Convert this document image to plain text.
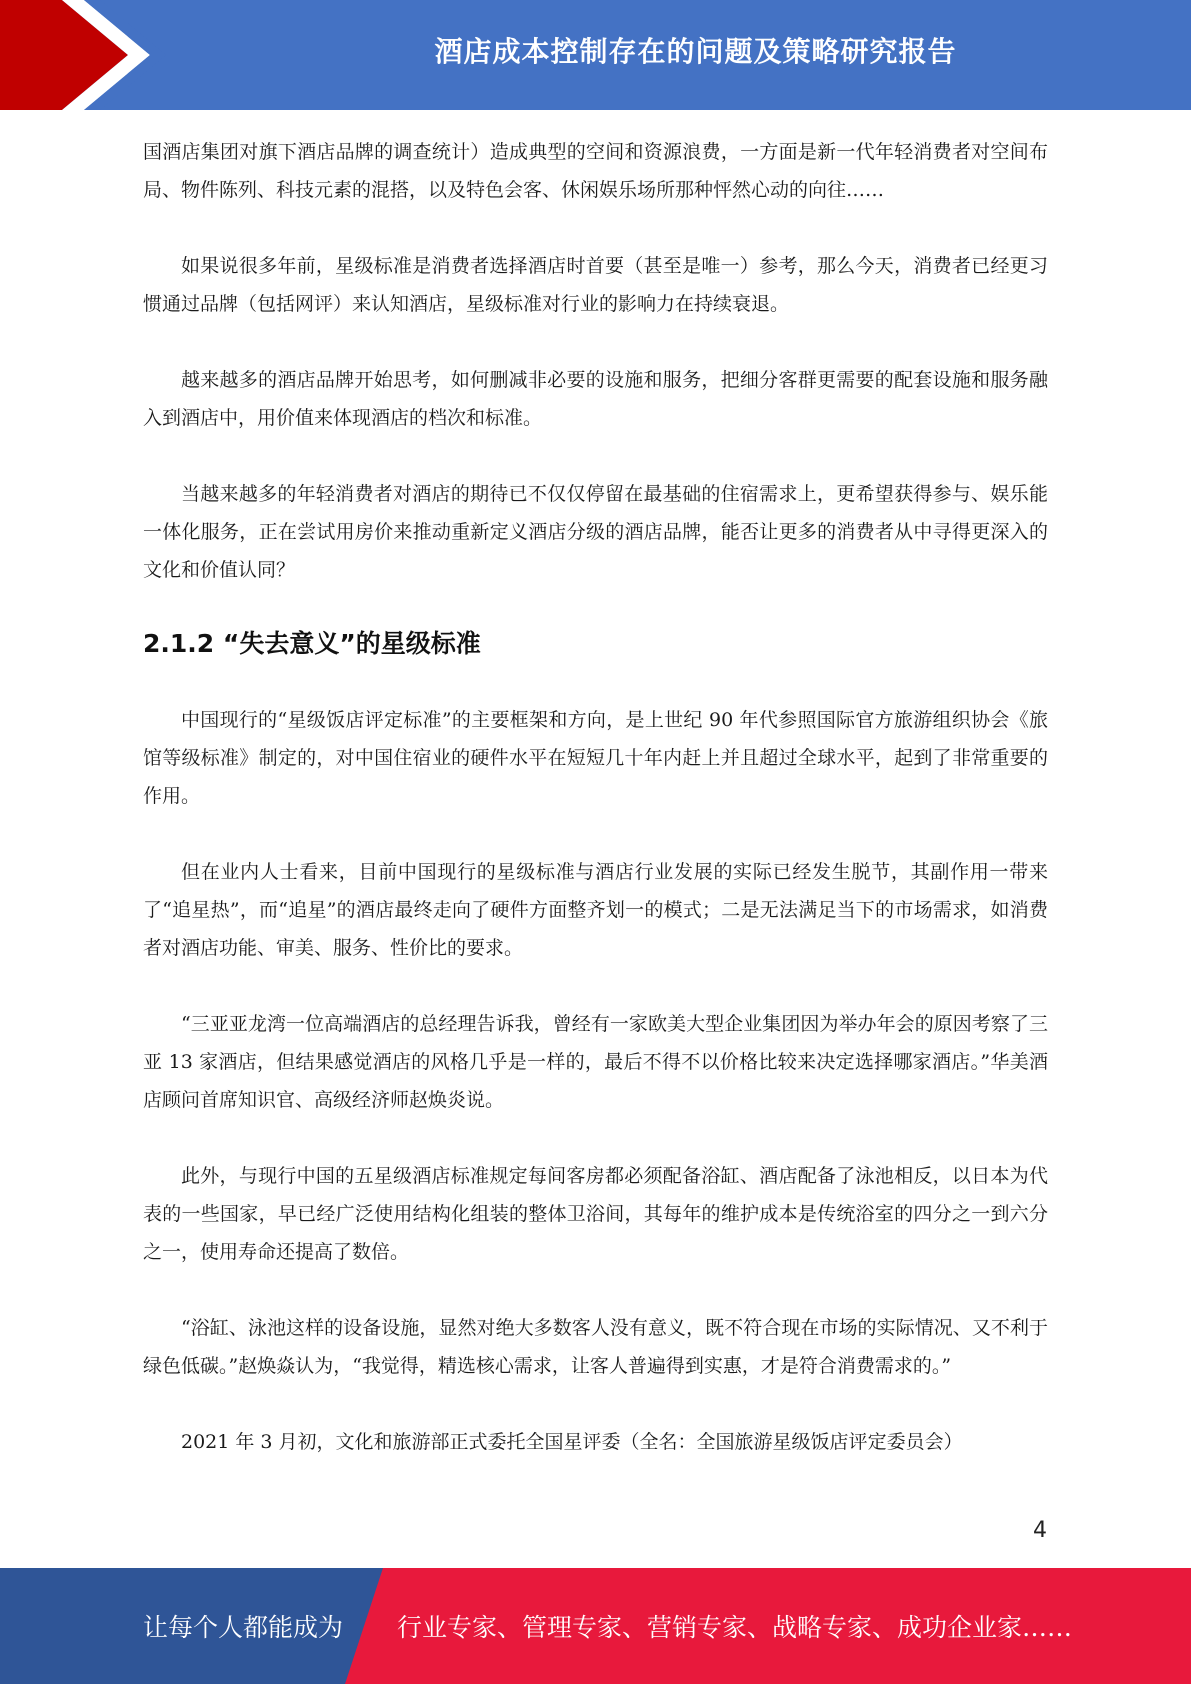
酒店成本控制存在的问题及策略研究报告

国酒店集团对旗下酒店品牌的调查统计）造成典型的空间和资源浪费，一方面是新一代年轻消费者对空间布局、物件陈列、科技元素的混搭，以及特色会客、休闲娱乐场所那种怦然心动的向往……

如果说很多年前，星级标准是消费者选择酒店时首要（甚至是唯一）参考，那么今天，消费者已经更习惯通过品牌（包括网评）来认知酒店，星级标准对行业的影响力在持续衰退。

越来越多的酒店品牌开始思考，如何删减非必要的设施和服务，把细分客群更需要的配套设施和服务融入到酒店中，用价值来体现酒店的档次和标准。

当越来越多的年轻消费者对酒店的期待已不仅仅停留在最基础的住宿需求上，更希望获得参与、娱乐能一体化服务，正在尝试用房价来推动重新定义酒店分级的酒店品牌，能否让更多的消费者从中寻得更深入的文化和价值认同？

2.1.2 “失去意义”的星级标准

中国现行的“星级饭店评定标准”的主要框架和方向，是上世纪 90 年代参照国际官方旅游组织协会《旅馆等级标准》制定的，对中国住宿业的硬件水平在短短几十年内赶上并且超过全球水平，起到了非常重要的作用。

但在业内人士看来，目前中国现行的星级标准与酒店行业发展的实际已经发生脱节，其副作用一带来了“追星热”，而“追星”的酒店最终走向了硬件方面整齐划一的模式；二是无法满足当下的市场需求，如消费者对酒店功能、审美、服务、性价比的要求。

“三亚亚龙湾一位高端酒店的总经理告诉我，曾经有一家欧美大型企业集团因为举办年会的原因考察了三亚 13 家酒店，但结果感觉酒店的风格几乎是一样的，最后不得不以价格比较来决定选择哪家酒店。”华美酒店顾问首席知识官、高级经济师赵焕炎说。

此外，与现行中国的五星级酒店标准规定每间客房都必须配备浴缸、酒店配备了泳池相反，以日本为代表的一些国家，早已经广泛使用结构化组装的整体卫浴间，其每年的维护成本是传统浴室的四分之一到六分之一，使用寿命还提高了数倍。

“浴缸、泳池这样的设备设施，显然对绝大多数客人没有意义，既不符合现在市场的实际情况、又不利于绿色低碳。”赵焕焱认为，“我觉得，精选核心需求，让客人普遍得到实惠，才是符合消费需求的。”

2021 年 3 月初，文化和旅游部正式委托全国星评委（全名：全国旅游星级饭店评定委员会）

4
让每个人都能成为 行业专家、管理专家、营销专家、战略专家、成功企业家……
